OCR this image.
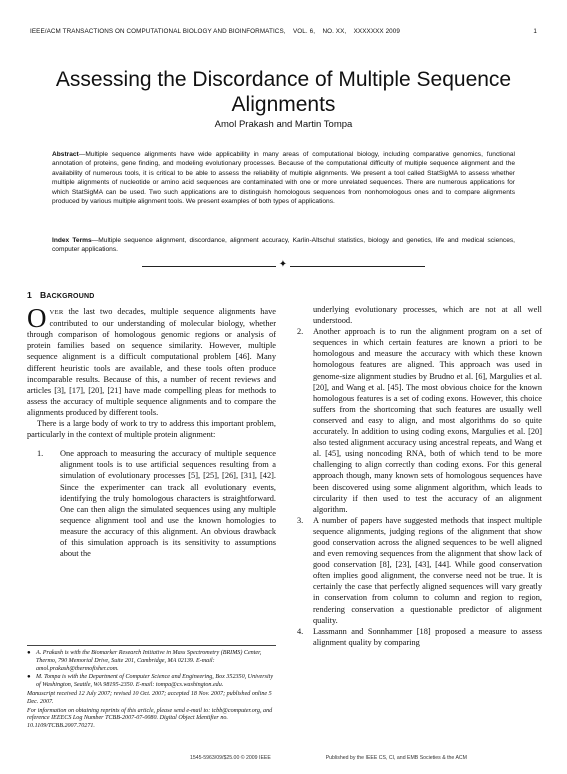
IEEE/ACM TRANSACTIONS ON COMPUTATIONAL BIOLOGY AND BIOINFORMATICS,    VOL. 6,    NO. XX,    XXXXXXX 2009	1
Assessing the Discordance of Multiple Sequence Alignments
Amol Prakash and Martin Tompa
Abstract—Multiple sequence alignments have wide applicability in many areas of computational biology, including comparative genomics, functional annotation of proteins, gene finding, and modeling evolutionary processes. Because of the computational difficulty of multiple sequence alignment and the availability of numerous tools, it is critical to be able to assess the reliability of multiple alignments. We present a tool called StatSigMA to assess whether multiple alignments of nucleotide or amino acid sequences are contaminated with one or more unrelated sequences. There are numerous applications for which StatSigMA can be used. Two such applications are to distinguish homologous sequences from nonhomologous ones and to compare alignments produced by various multiple alignment tools. We present examples of both types of applications.
Index Terms—Multiple sequence alignment, discordance, alignment accuracy, Karlin-Altschul statistics, biology and genetics, life and medical sciences, computer applications.
✦
1 BACKGROUND

OVER the last two decades, multiple sequence alignments have contributed to our understanding of molecular biology, whether through comparison of homologous genomic regions or analysis of protein families based on sequence similarity. However, multiple sequence alignment is a difficult computational problem [46]. Many different heuristic tools are available, and these tools often produce incomparable results. Because of this, a number of recent reviews and articles [3], [17], [20], [21] have made compelling pleas for methods to assess the accuracy of multiple sequence alignments and to compare the alignments produced by different tools.

There is a large body of work to try to address this important problem, particularly in the context of multiple protein alignment:

1. One approach to measuring the accuracy of multiple sequence alignment tools is to use artificial sequences resulting from a simulation of evolutionary processes [5], [25], [26], [31], [42]. Since the experimenter can track all evolutionary events, identifying the truly homologous characters is straightforward. One can then align the simulated sequences using any multiple sequence alignment tool and use the known homologies to measure the accuracy of this alignment. An obvious drawback of this simulation approach is its sensitivity to assumptions about the
● A. Prakash is with the Biomarker Research Initiative in Mass Spectrometry (BRIMS) Center, Thermo, 790 Memorial Drive, Suite 201, Cambridge, MA 02139. E-mail: amol.prakash@thermofisher.com.
● M. Tompa is with the Department of Computer Science and Engineering, Box 352350, University of Washington, Seattle, WA 98195-2350. E-mail: tompa@cs.washington.edu.
Manuscript received 12 July 2007; revised 10 Oct. 2007; accepted 18 Nov. 2007; published online 5 Dec. 2007.
For information on obtaining reprints of this article, please send e-mail to: tcbb@computer.org, and reference IEEECS Log Number TCBB-2007-07-0080. Digital Object Identifier no. 10.1109/TCBB.2007.70271.

underlying evolutionary processes, which are not at all well understood.

2. Another approach is to run the alignment program on a set of sequences in which certain features are known a priori to be homologous and measure the accuracy with which these known homologous features are aligned. This approach was used in genome-size alignment studies by Brudno et al. [6], Margulies et al. [20], and Wang et al. [45]. The most obvious choice for the known homologous features is a set of coding exons. However, this choice suffers from the shortcoming that such features are usually well conserved and easy to align, and most algorithms do so quite accurately. In addition to using coding exons, Margulies et al. [20] also tested alignment accuracy using ancestral repeats, and Wang et al. [45], using noncoding RNA, both of which tend to be more challenging to align correctly than coding exons. For this general approach though, many known sets of homologous sequences have been discovered using some alignment algorithm, which leads to circularity if then used to test the accuracy of an alignment algorithm.
3. A number of papers have suggested methods that inspect multiple sequence alignments, judging regions of the alignment that show good conservation across the aligned sequences to be well aligned and even removing sequences from the alignment that show lack of good conservation [8], [23], [43], [44]. While good conservation often implies good alignment, the converse need not be true. It is certainly the case that perfectly aligned sequences will vary greatly in conservation from column to column and region to region, rendering conservation a questionable predictor of alignment quality.
4. Lassmann and Sonnhammer [18] proposed a measure to assess alignment quality by comparing
1545-5963/09/$25.00 © 2009 IEEE	Published by the IEEE CS, CI, and EMB Societies & the ACM
